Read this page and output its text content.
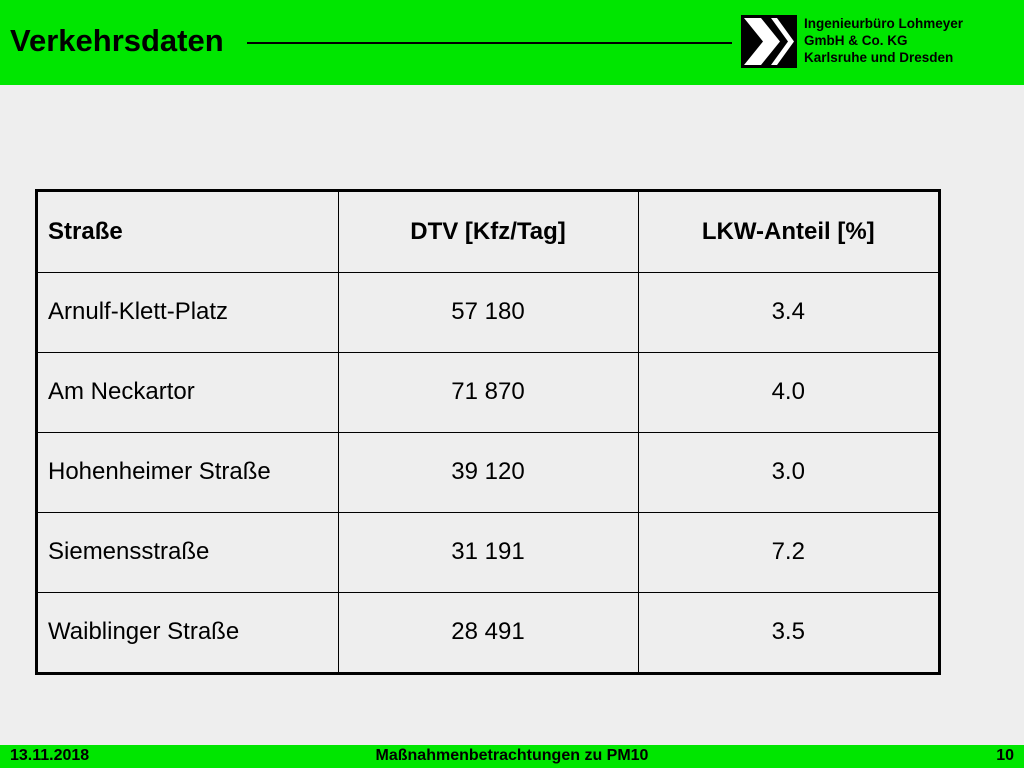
Verkehrsdaten	Ingenieurbüro Lohmeyer
GmbH & Co. KG
Karlsruhe und Dresden
Straße	DTV [Kfz/Tag]	LKW-Anteil [%]
Arnulf-Klett-Platz	57 180	3.4
Am Neckartor	71 870	4.0
Hohenheimer Straße	39 120	3.0
Siemensstraße	31 191	7.2
Waiblinger Straße	28 491	3.5
Maßnahmenbetrachtungen zu PM10
13.11.2018	10
